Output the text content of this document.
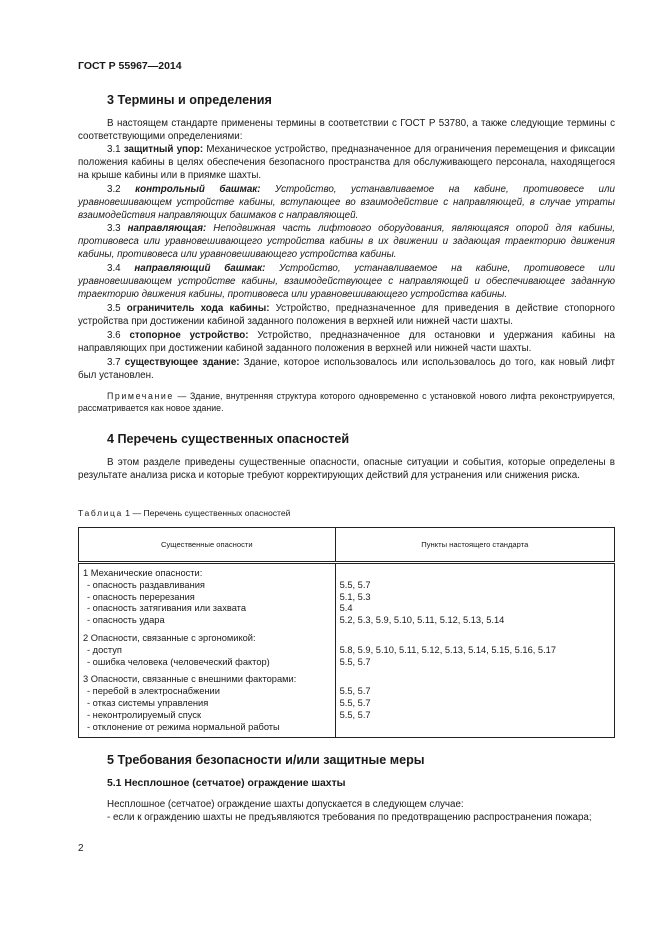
ГОСТ Р 55967—2014
3 Термины и определения
В настоящем стандарте применены термины в соответствии с ГОСТ Р 53780, а также следующие термины с соответствующими определениями:
3.1 защитный упор: Механическое устройство, предназначенное для ограничения перемещения и фиксации положения кабины в целях обеспечения безопасного пространства для обслуживающего персонала, находящегося на крыше кабины или в приямке шахты.
3.2 контрольный башмак: Устройство, устанавливаемое на кабине, противовесе или уравновешивающем устройстве кабины, вступающее во взаимодействие с направляющей, в случае утраты взаимодействия направляющих башмаков с направляющей.
3.3 направляющая: Неподвижная часть лифтового оборудования, являющаяся опорой для кабины, противовеса или уравновешивающего устройства кабины в их движении и задающая траекторию движения кабины, противовеса или уравновешивающего устройства кабины.
3.4 направляющий башмак: Устройство, устанавливаемое на кабине, противовесе или уравновешивающем устройстве кабины, взаимодействующее с направляющей и обеспечивающее заданную траекторию движения кабины, противовеса или уравновешивающего устройства кабины.
3.5 ограничитель хода кабины: Устройство, предназначенное для приведения в действие стопорного устройства при достижении кабиной заданного положения в верхней или нижней части шахты.
3.6 стопорное устройство: Устройство, предназначенное для остановки и удержания кабины на направляющих при достижении кабиной заданного положения в верхней или нижней части шахты.
3.7 существующее здание: Здание, которое использовалось или использовалось до того, как новый лифт был установлен.
Примечание — Здание, внутренняя структура которого одновременно с установкой нового лифта реконструируется, рассматривается как новое здание.
4 Перечень существенных опасностей
В этом разделе приведены существенные опасности, опасные ситуации и события, которые определены в результате анализа риска и которые требуют корректирующих действий для устранения или снижения риска.
Таблица 1 — Перечень существенных опасностей
Существенные опасности	Пункты настоящего стандарта
1 Механические опасности:	
- опасность раздавливания	5.5, 5.7
- опасность перерезания	5.1, 5.3
- опасность затягивания или захвата	5.4
- опасность удара	5.2, 5.3, 5.9, 5.10, 5.11, 5.12, 5.13, 5.14
2 Опасности, связанные с эргономикой:	
- доступ	5.8, 5.9, 5.10, 5.11, 5.12, 5.13, 5.14, 5.15, 5.16, 5.17
- ошибка человека (человеческий фактор)	5.5, 5.7
3 Опасности, связанные с внешними факторами:	
- перебой в электроснабжении	5.5, 5.7
- отказ системы управления	5.5, 5.7
- неконтролируемый спуск	5.5, 5.7
- отклонение от режима нормальной работы	
5 Требования безопасности и/или защитные меры
5.1 Несплошное (сетчатое) ограждение шахты
Несплошное (сетчатое) ограждение шахты допускается в следующем случае:
- если к ограждению шахты не предъявляются требования по предотвращению распространения пожара;
2
